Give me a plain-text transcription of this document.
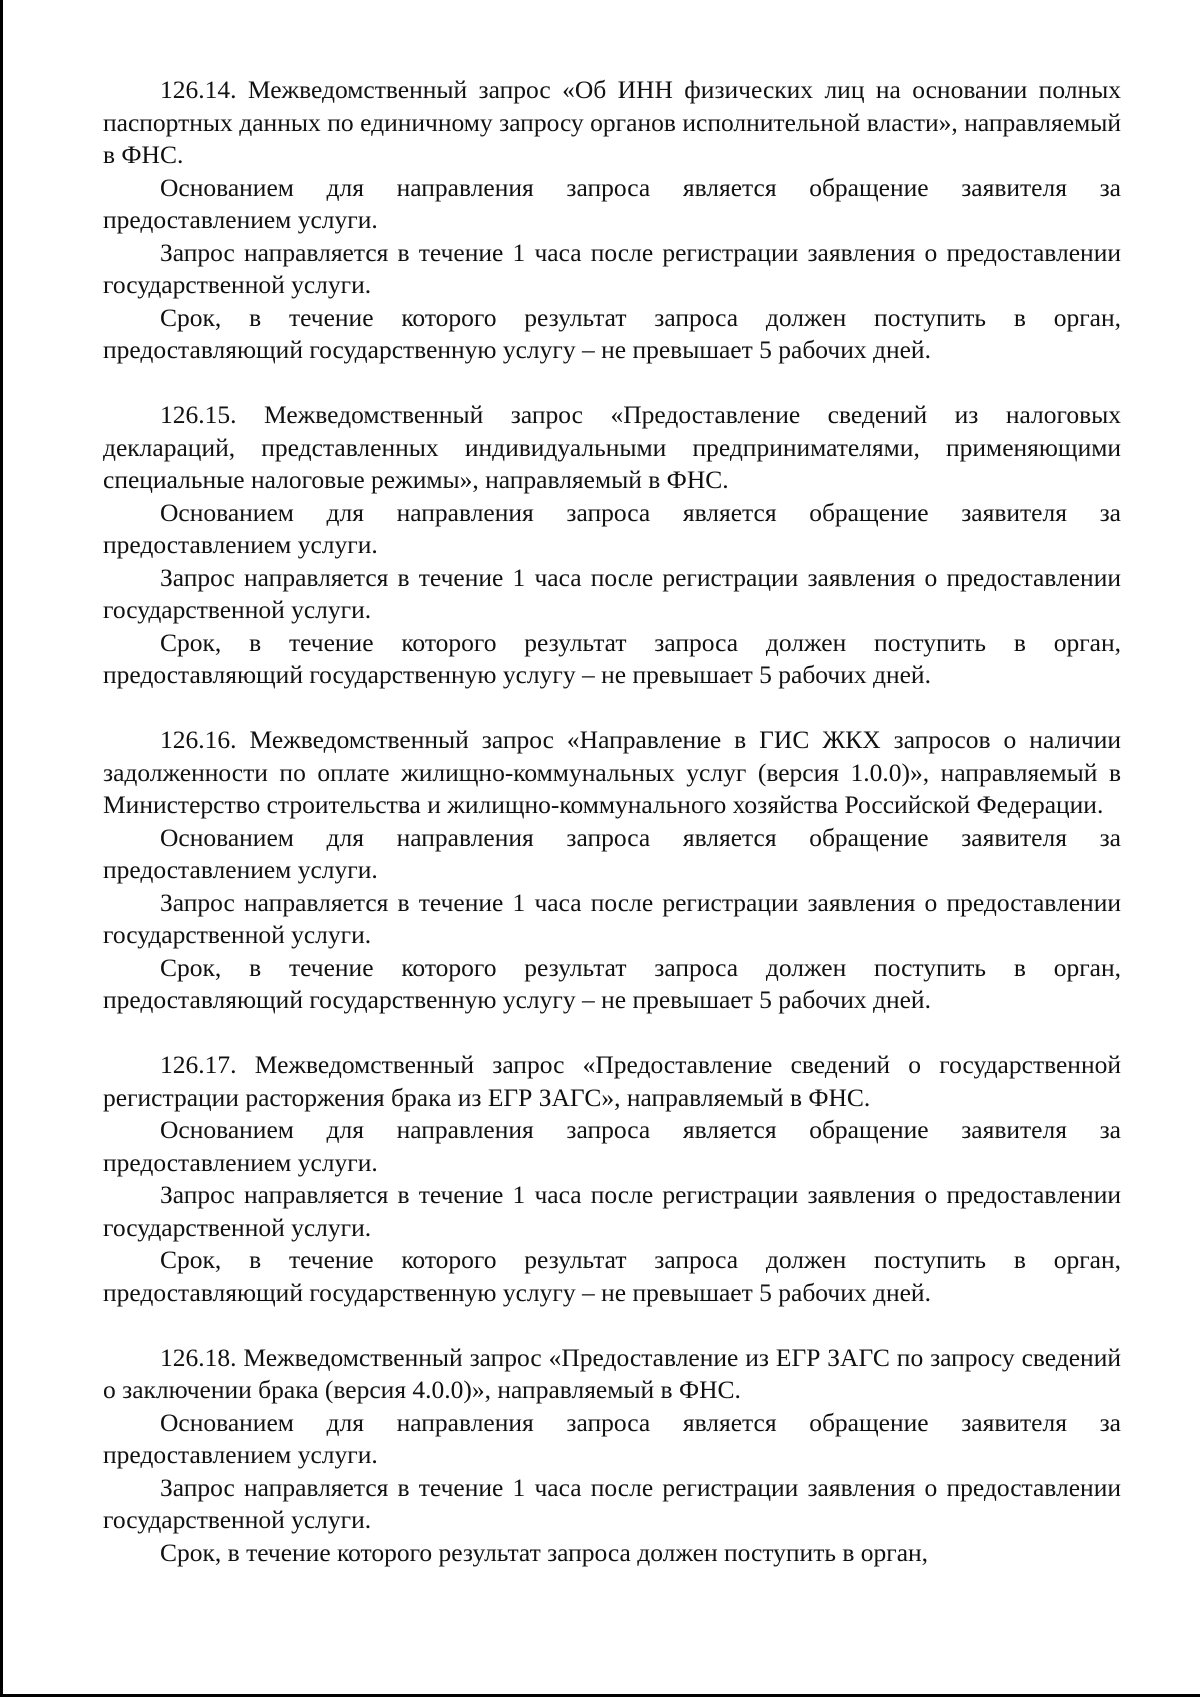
126.14. Межведомственный запрос «Об ИНН физических лиц на основании полных паспортных данных по единичному запросу органов исполнительной власти», направляемый в ФНС.

Основанием для направления запроса является обращение заявителя за предоставлением услуги.

Запрос направляется в течение 1 часа после регистрации заявления о предоставлении государственной услуги.

Срок, в течение которого результат запроса должен поступить в орган, предоставляющий государственную услугу – не превышает 5 рабочих дней.

126.15. Межведомственный запрос «Предоставление сведений из налоговых деклараций, представленных индивидуальными предпринимателями, применяющими специальные налоговые режимы», направляемый в ФНС.

Основанием для направления запроса является обращение заявителя за предоставлением услуги.

Запрос направляется в течение 1 часа после регистрации заявления о предоставлении государственной услуги.

Срок, в течение которого результат запроса должен поступить в орган, предоставляющий государственную услугу – не превышает 5 рабочих дней.

126.16. Межведомственный запрос «Направление в ГИС ЖКХ запросов о наличии задолженности по оплате жилищно-коммунальных услуг (версия 1.0.0)», направляемый в Министерство строительства и жилищно-коммунального хозяйства Российской Федерации.

Основанием для направления запроса является обращение заявителя за предоставлением услуги.

Запрос направляется в течение 1 часа после регистрации заявления о предоставлении государственной услуги.

Срок, в течение которого результат запроса должен поступить в орган, предоставляющий государственную услугу – не превышает 5 рабочих дней.

126.17. Межведомственный запрос «Предоставление сведений о государственной регистрации расторжения брака из ЕГР ЗАГС», направляемый в ФНС.

Основанием для направления запроса является обращение заявителя за предоставлением услуги.

Запрос направляется в течение 1 часа после регистрации заявления о предоставлении государственной услуги.

Срок, в течение которого результат запроса должен поступить в орган, предоставляющий государственную услугу – не превышает 5 рабочих дней.

126.18. Межведомственный запрос «Предоставление из ЕГР ЗАГС по запросу сведений о заключении брака (версия 4.0.0)», направляемый в ФНС.

Основанием для направления запроса является обращение заявителя за предоставлением услуги.

Запрос направляется в течение 1 часа после регистрации заявления о предоставлении государственной услуги.

Срок, в течение которого результат запроса должен поступить в орган,
